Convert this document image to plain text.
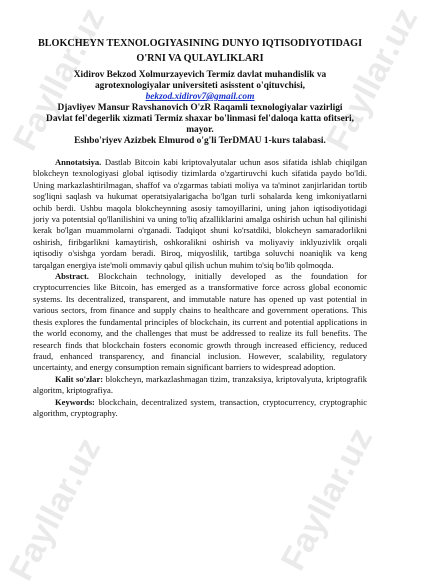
Fayllar.uz	Fayllar.uz
Fayllar.uz	Fayllar.uz
BLOKCHEYN TEXNOLOGIYASINING DUNYO IQTISODIYOTIDAGI
O'RNI VA QULAYLIKLARI
Xidirov Bekzod Xolmurzayevich Termiz davlat muhandislik va
agrotexnologiyalar universiteti asisstent o'qituvchisi,
bekzod.xidirov7@gmail.com
Djavliyev Mansur Ravshanovich O'zR Raqamli texnologiyalar vazirligi
Davlat fel'degerlik xizmati Termiz shaxar bo'linmasi fel'daloqa katta ofitseri,
mayor.
Eshbo'riyev Azizbek Elmurod o'g'li TerDMAU 1-kurs talabasi.

Annotatsiya. Dastlab Bitcoin kabi kriptovalyutalar uchun asos sifatida ishlab chiqilgan blokcheyn texnologiyasi global iqtisodiy tizimlarda o'zgartiruvchi kuch sifatida paydo bo'ldi. Uning markazlashtirilmagan, shaffof va o'zgarmas tabiati moliya va ta'minot zanjirlaridan tortib sog'liqni saqlash va hukumat operatsiyalarigacha bo'lgan turli sohalarda keng imkoniyatlarni ochib berdi. Ushbu maqola blokcheynning asosiy tamoyillarini, uning jahon iqtisodiyotidagi joriy va potentsial qo'llanilishini va uning to'liq afzalliklarini amalga oshirish uchun hal qilinishi kerak bo'lgan muammolarni o'rganadi. Tadqiqot shuni ko'rsatdiki, blokcheyn samaradorlikni oshirish, firibgarlikni kamaytirish, oshkoralikni oshirish va moliyaviy inklyuzivlik orqali iqtisodiy o'sishga yordam beradi. Biroq, miqyoslilik, tartibga soluvchi noaniqlik va keng tarqalgan energiya iste'moli ommaviy qabul qilish uchun muhim to'siq bo'lib qolmoqda.

Abstract. Blockchain technology, initially developed as the foundation for cryptocurrencies like Bitcoin, has emerged as a transformative force across global economic systems. Its decentralized, transparent, and immutable nature has opened up vast potential in various sectors, from finance and supply chains to healthcare and government operations. This thesis explores the fundamental principles of blockchain, its current and potential applications in the world economy, and the challenges that must be addressed to realize its full benefits. The research finds that blockchain fosters economic growth through increased efficiency, reduced fraud, enhanced transparency, and financial inclusion. However, scalability, regulatory uncertainty, and energy consumption remain significant barriers to widespread adoption.

Kalit so'zlar: blokcheyn, markazlashmagan tizim, tranzaksiya, kriptovalyuta, kriptografik algoritm, kriptografiya.

Keywords: blockchain, decentralized system, transaction, cryptocurrency, cryptographic algorithm, cryptography.
